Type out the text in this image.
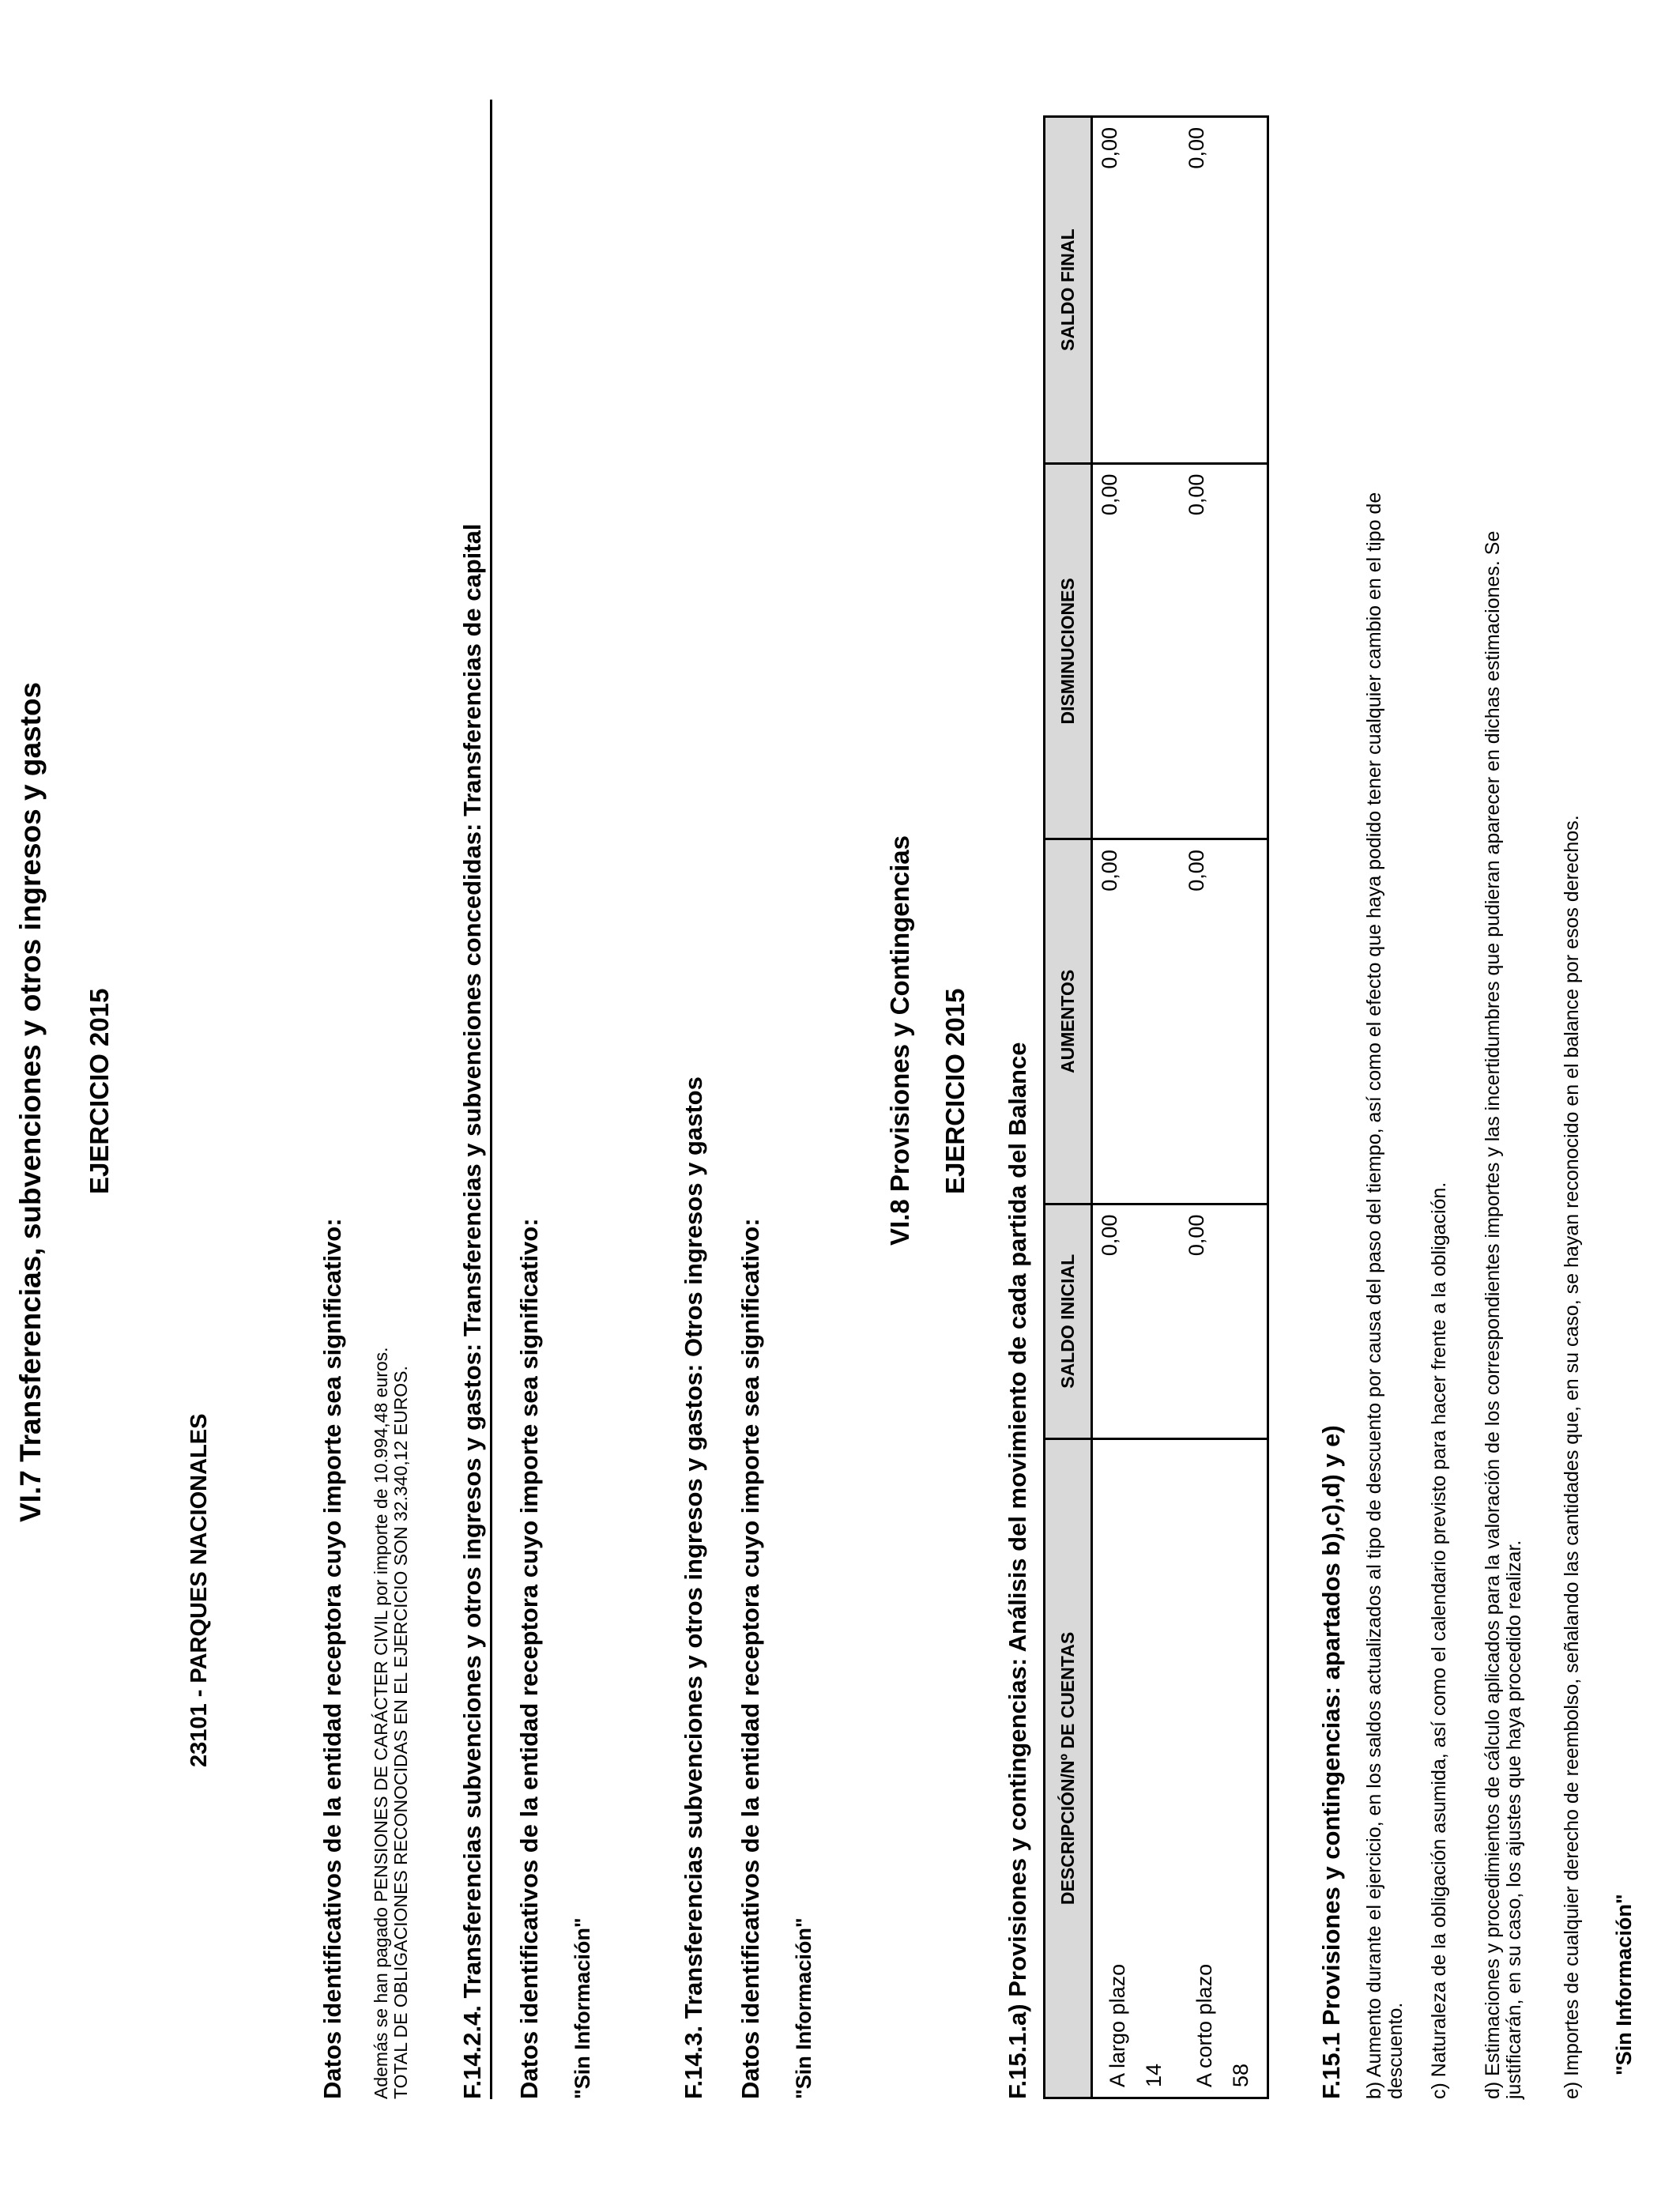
VI.7 Transferencias, subvenciones y otros ingresos y gastos EJERCICIO 2015
23101 - PARQUES NACIONALES	Datos identificativos de la entidad receptora cuyo importe sea significativo: Además se han pagado PENSIONES DE CARÁCTER CIVIL por importe de 10.994,48 euros. TOTAL DE OBLIGACIONES RECONOCIDAS EN EL EJERCICIO SON 32.340,12 EUROS. F.14.2.4. Transferencias subvenciones y otros ingresos y gastos: Transferencias y subvenciones concedidas: Transferencias de capital Datos identificativos de la entidad receptora cuyo importe sea significativo: "Sin Información"	F.14.3. Transferencias subvenciones y otros ingresos y gastos: Otros ingresos y gastos Datos identificativos de la entidad receptora cuyo importe sea significativo: "Sin Información"
VI.8 Provisiones y Contingencias EJERCICIO 2015 F.15.1.a) Provisiones y contingencias: Análisis del movimiento de cada partida del Balance DESCRIPCIÓN/Nº DE CUENTAS	SALDO INICIAL	AUMENTOS	DISMINUCIONES	SALDO FINAL
A largo plazo 14	0,00	0,00	0,00	0,00
A corto plazo 58	0,00	0,00	0,00	0,00
F.15.1 Provisiones y contingencias: apartados b),c),d) y e) b) Aumento durante el ejercicio, en los saldos actualizados al tipo de descuento por causa del paso del tiempo, así como el efecto que haya podido tener cualquier cambio en el tipo de descuento. c) Naturaleza de la obligación asumida, así como el calendario previsto para hacer frente a la obligación. d) Estimaciones y procedimientos de cálculo aplicados para la valoración de los correspondientes importes y las incertidumbres que pudieran aparecer en dichas estimaciones. Se justificarán, en su caso, los ajustes que haya procedido realizar. e) Importes de cualquier derecho de reembolso, señalando las cantidades que, en su caso, se hayan reconocido en el balance por esos derechos. "Sin Información"
